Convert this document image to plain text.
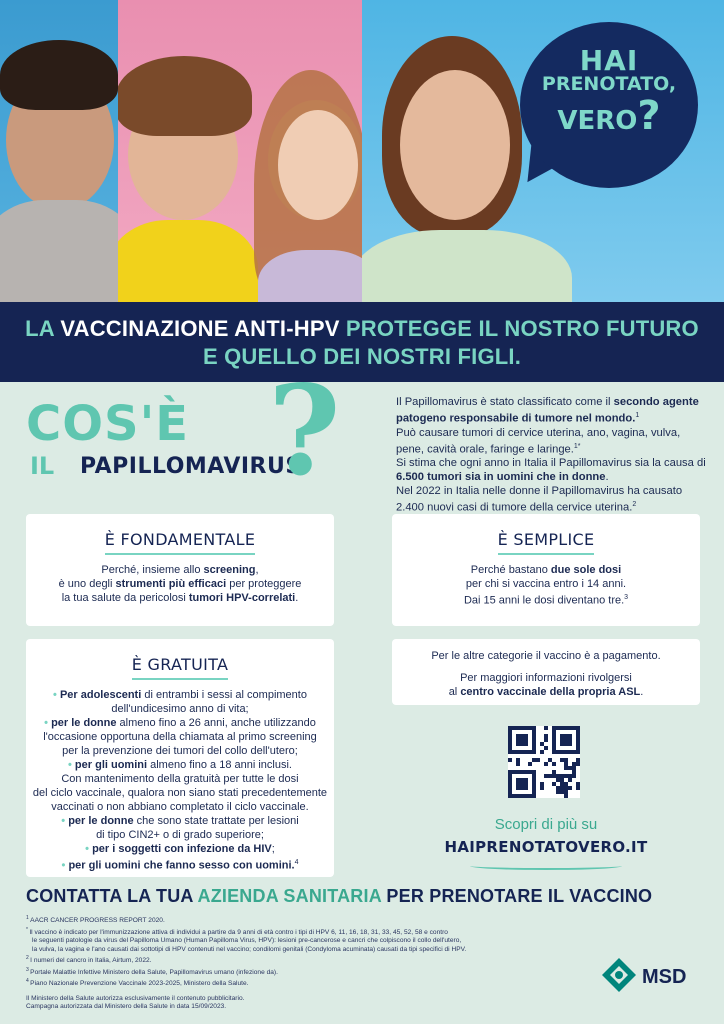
HAI
PRENOTATO,
VERO?
LA VACCINAZIONE ANTI-HPV PROTEGGE IL NOSTRO FUTURO
E QUELLO DEI NOSTRI FIGLI.
COS'È
IL PAPILLOMAVIRUS
?	Il Papillomavirus è stato classificato come il secondo agente patogeno responsabile di tumore nel mondo.$^1$
Può causare tumori di cervice uterina, ano, vagina, vulva, pene, cavità orale, faringe e laringe.$^{1*}$
Si stima che ogni anno in Italia il Papillomavirus sia la causa di 6.500 tumori sia in uomini che in donne.
Nel 2022 in Italia nelle donne il Papillomavirus ha causato 2.400 nuovi casi di tumore della cervice uterina.$^2$
È FONDAMENTALE
Perché, insieme allo screening,
è uno degli strumenti più efficaci per proteggere
la tua salute da pericolosi tumori HPV-correlati.
È SEMPLICE
Perché bastano due sole dosi
per chi si vaccina entro i 14 anni.
Dai 15 anni le dosi diventano tre.$^3$
È GRATUITA
• Per adolescenti di entrambi i sessi al compimento
dell'undicesimo anno di vita;
• per le donne almeno fino a 26 anni, anche utilizzando
l'occasione opportuna della chiamata al primo screening
per la prevenzione dei tumori del collo dell'utero;
• per gli uomini almeno fino a 18 anni inclusi.
Con mantenimento della gratuità per tutte le dosi
del ciclo vaccinale, qualora non siano stati precedentemente
vaccinati o non abbiano completato il ciclo vaccinale.
• per le donne che sono state trattate per lesioni
di tipo CIN2+ o di grado superiore;
• per i soggetti con infezione da HIV;
• per gli uomini che fanno sesso con uomini.$^4$

Per le altre categorie il vaccino è a pagamento.

Per maggiori informazioni rivolgersi

al centro vaccinale della propria ASL.

Scopri di più su
HAIPRENOTATOVERO.IT
CONTATTA LA TUA AZIENDA SANITARIA PER PRENOTARE IL VACCINO

$^1$ AACR CANCER PROGRESS REPORT 2020.

* Il vaccino è indicato per l'immunizzazione attiva di individui a partire da 9 anni di età contro i tipi di HPV 6, 11, 16, 18, 31, 33, 45, 52, 58 e contro

le seguenti patologie da virus del Papilloma Umano (Human Papilloma Virus, HPV): lesioni pre-cancerose e cancri che colpiscono il collo dell'utero,

la vulva, la vagina e l'ano causati dai sottotipi di HPV contenuti nel vaccino; condilomi genitali (Condyloma acuminata) causati da tipi specifici di HPV.

$^2$ I numeri del cancro in Italia, Airtum, 2022.

$^3$ Portale Malattie Infettive Ministero della Salute, Papillomavirus umano (infezione da).

$^4$ Piano Nazionale Prevenzione Vaccinale 2023-2025, Ministero della Salute.

Il Ministero della Salute autorizza esclusivamente il contenuto pubblicitario.

Campagna autorizzata dal Ministero della Salute in data 15/09/2023.

MSD
